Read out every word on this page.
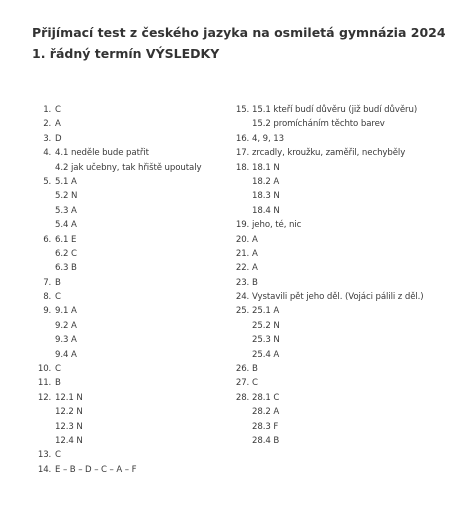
Přijímací test z českého jazyka na osmiletá gymnázia 2024 1. řádný termín VÝSLEDKY
1. C
2. A
3. D
4. 4.1 neděle bude patřit
4.2 jak učebny, tak hřiště upoutaly
5. 5.1 A
5.2 N
5.3 A
5.4 A
6. 6.1 E
6.2 C
6.3 B
7. B
8. C
9. 9.1 A
9.2 A
9.3 A
9.4 A
10. C
11. B
12. 12.1 N
12.2 N
12.3 N
12.4 N
13. C
14. E – B – D – C – A – F
15. 15.1 kteří budí důvěru (již budí důvěru)
15.2 promícháním těchto barev
16. 4, 9, 13
17. zrcadly, kroužku, zaměřil, nechyběly
18. 18.1 N
18.2 A
18.3 N
18.4 N
19. jeho, té, nic
20. A
21. A
22. A
23. B
24. Vystavili pět jeho děl. (Vojáci pálili z děl.)
25. 25.1 A
25.2 N
25.3 N
25.4 A
26. B
27. C
28. 28.1 C
28.2 A
28.3 F
28.4 B
